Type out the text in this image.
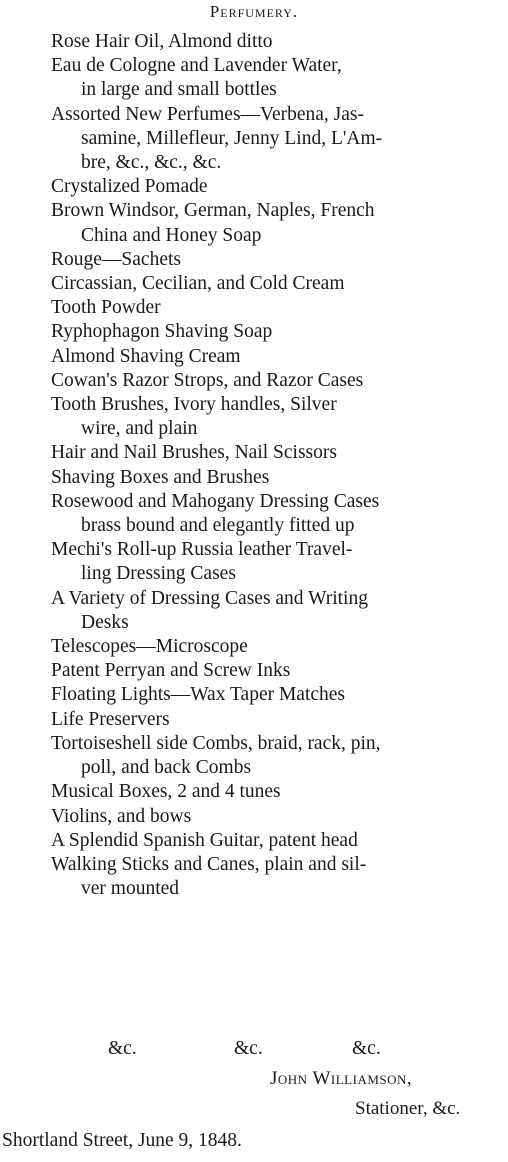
Perfumery.
Rose Hair Oil, Almond ditto
Eau de Cologne and Lavender Water,
in large and small bottles
Assorted New Perfumes—Verbena, Jas-
samine, Millefleur, Jenny Lind, L'Am-
bre, &c., &c., &c.
Crystalized Pomade
Brown Windsor, German, Naples, French
China and Honey Soap
Rouge—Sachets
Circassian, Cecilian, and Cold Cream
Tooth Powder
Ryphophagon Shaving Soap
Almond Shaving Cream
Cowan's Razor Strops, and Razor Cases
Tooth Brushes, Ivory handles, Silver
wire, and plain
Hair and Nail Brushes, Nail Scissors
Shaving Boxes and Brushes
Rosewood and Mahogany Dressing Cases
brass bound and elegantly fitted up
Mechi's Roll-up Russia leather Travel-
ling Dressing Cases
A Variety of Dressing Cases and Writing
Desks
Telescopes—Microscope
Patent Perryan and Screw Inks
Floating Lights—Wax Taper Matches
Life Preservers
Tortoiseshell side Combs, braid, rack, pin,
poll, and back Combs
Musical Boxes, 2 and 4 tunes
Violins, and bows
A Splendid Spanish Guitar, patent head
Walking Sticks and Canes, plain and sil-
ver mounted
&c.	&c.	&c.
John Williamson,
Stationer, &c.
Shortland Street, June 9, 1848.
